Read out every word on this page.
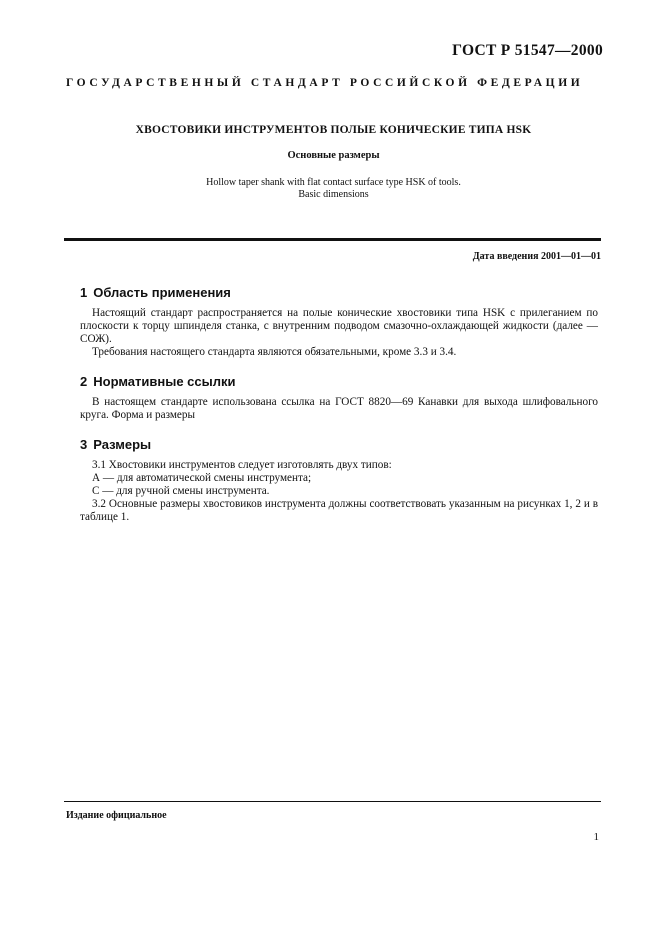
ГОСТ Р 51547—2000
ГОСУДАРСТВЕННЫЙ СТАНДАРТ РОССИЙСКОЙ ФЕДЕРАЦИИ
ХВОСТОВИКИ ИНСТРУМЕНТОВ ПОЛЫЕ КОНИЧЕСКИЕ ТИПА HSK
Основные размеры
Hollow taper shank with flat contact surface type HSK of tools.
Basic dimensions
Дата введения 2001—01—01
1 Область применения

Настоящий стандарт распространяется на полые конические хвостовики типа HSK с прилеганием по плоскости к торцу шпинделя станка, с внутренним подводом смазочно-охлаждающей жидкости (далее — СОЖ).

Требования настоящего стандарта являются обязательными, кроме 3.3 и 3.4.

2 Нормативные ссылки

В настоящем стандарте использована ссылка на ГОСТ 8820—69 Канавки для выхода шлифовального круга. Форма и размеры

3 Размеры

3.1 Хвостовики инструментов следует изготовлять двух типов:

А — для автоматической смены инструмента;

С — для ручной смены инструмента.

3.2 Основные размеры хвостовиков инструмента должны соответствовать указанным на рисунках 1, 2 и в таблице 1.

Издание официальное
1
